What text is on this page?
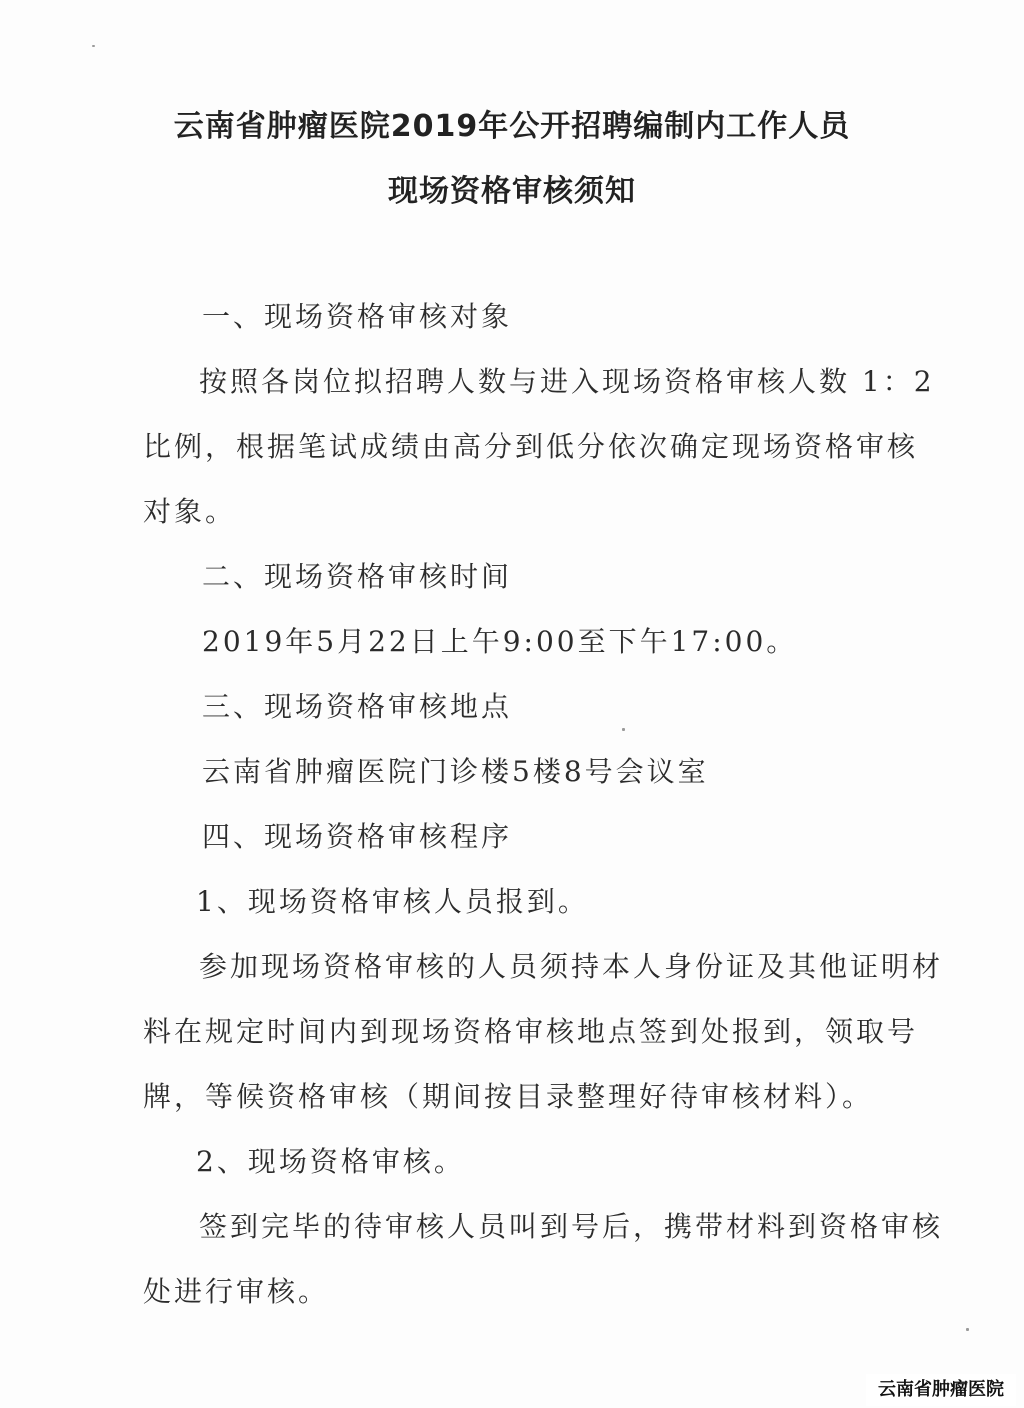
云南省肿瘤医院2019年公开招聘编制内工作人员
现场资格审核须知
一、现场资格审核对象
按照各岗位拟招聘人数与进入现场资格审核人数 1：2
比例，根据笔试成绩由高分到低分依次确定现场资格审核
对象。
二、现场资格审核时间
2019年5月22日上午9:00至下午17:00。
三、现场资格审核地点
云南省肿瘤医院门诊楼5楼8号会议室
四、现场资格审核程序
1、现场资格审核人员报到。
参加现场资格审核的人员须持本人身份证及其他证明材
料在规定时间内到现场资格审核地点签到处报到，领取号
牌，等候资格审核（期间按目录整理好待审核材料）。
2、现场资格审核。
签到完毕的待审核人员叫到号后，携带材料到资格审核
处进行审核。
云南省肿瘤医院
